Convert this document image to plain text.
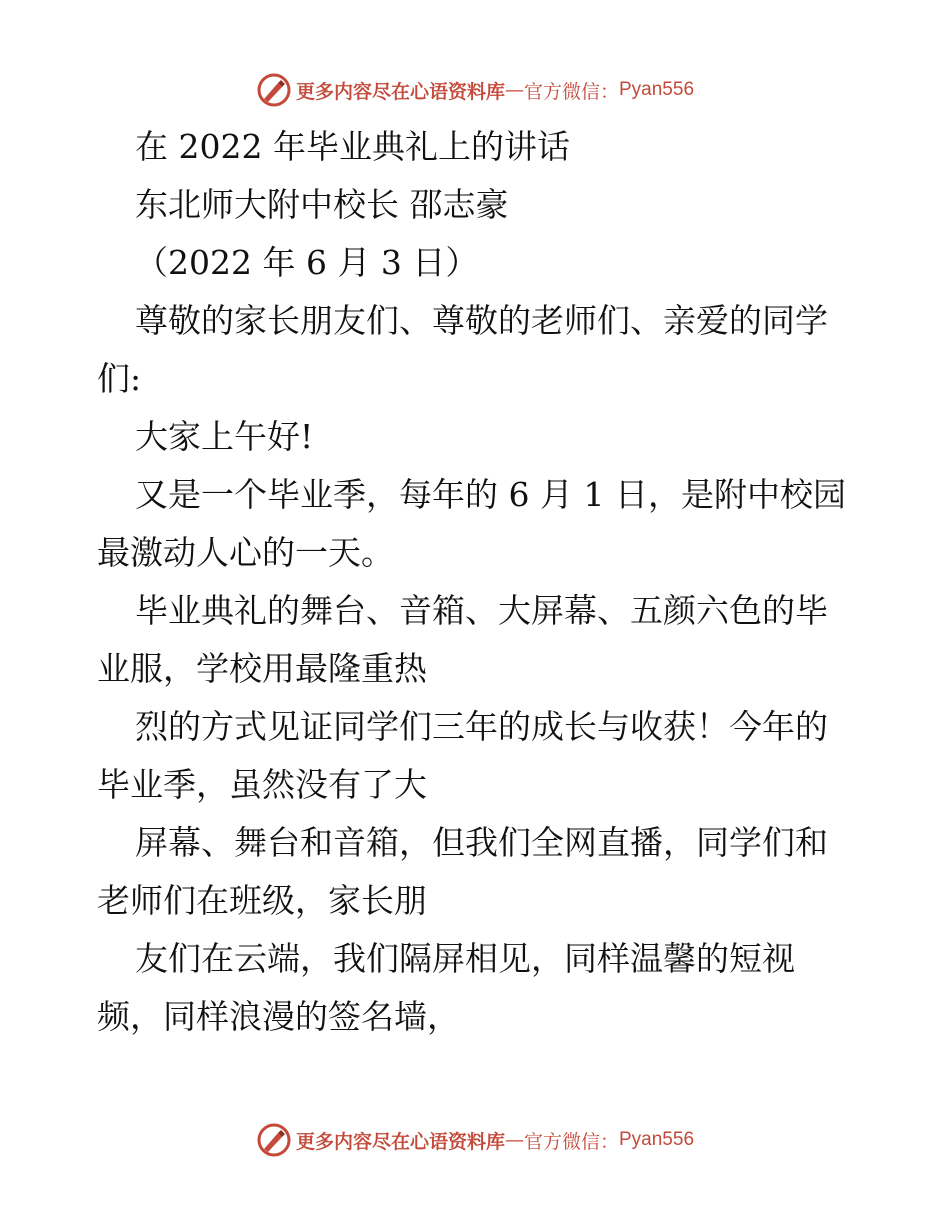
更多内容尽在心语资料库 — 官方微信： Pyan556
在 2022 年毕业典礼上的讲话
东北师大附中校长 邵志豪
（2022 年 6 月 3 日）
尊敬的家长朋友们、尊敬的老师们、亲爱的同学
们:
大家上午好!
又是一个毕业季，每年的 6 月 1 日，是附中校园
最激动人心的一天。
毕业典礼的舞台、音箱、大屏幕、五颜六色的毕
业服，学校用最隆重热
烈的方式见证同学们三年的成长与收获！今年的
毕业季，虽然没有了大
屏幕、舞台和音箱，但我们全网直播，同学们和
老师们在班级，家长朋
友们在云端，我们隔屏相见，同样温馨的短视
频，同样浪漫的签名墙，
更多内容尽在心语资料库 — 官方微信： Pyan556
